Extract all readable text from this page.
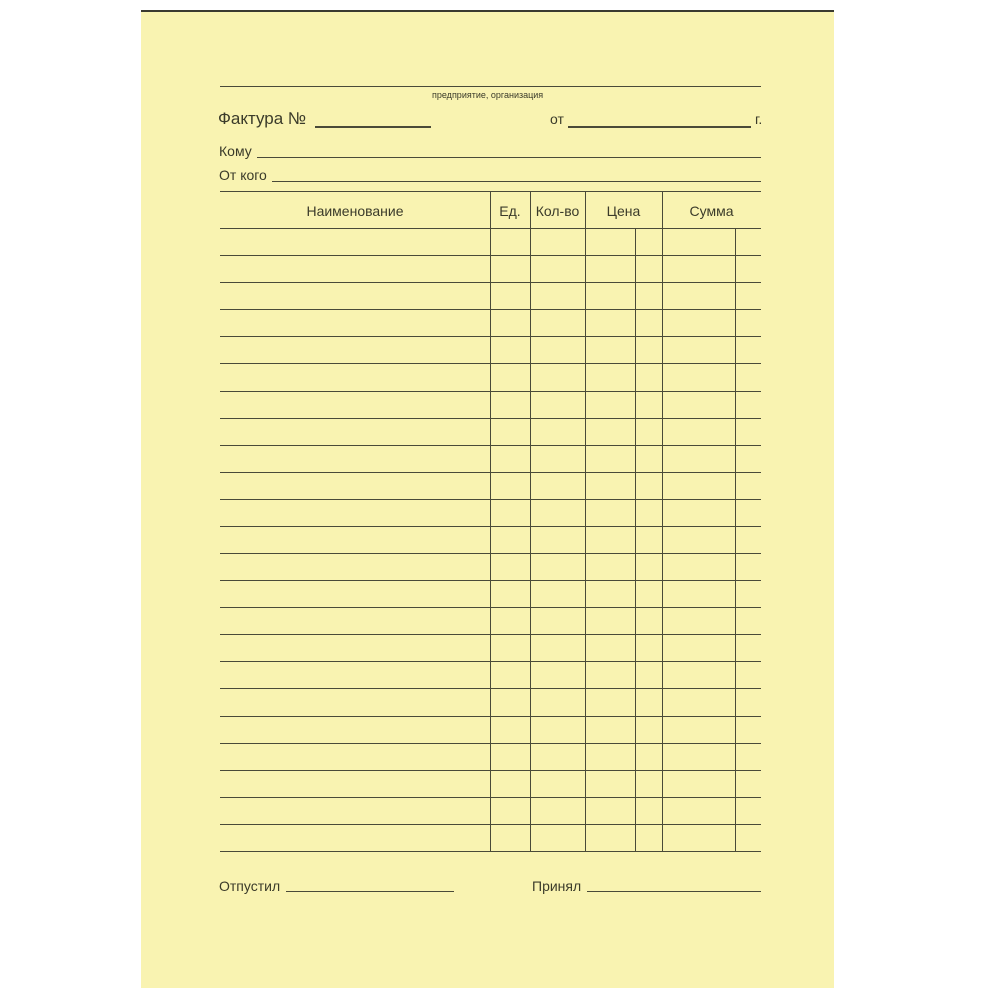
предприятие, организация
Фактура №	от	г.
Кому
От кого
Наименование	Ед.	Кол-во	Цена	Сумма
Отпустил	Принял
